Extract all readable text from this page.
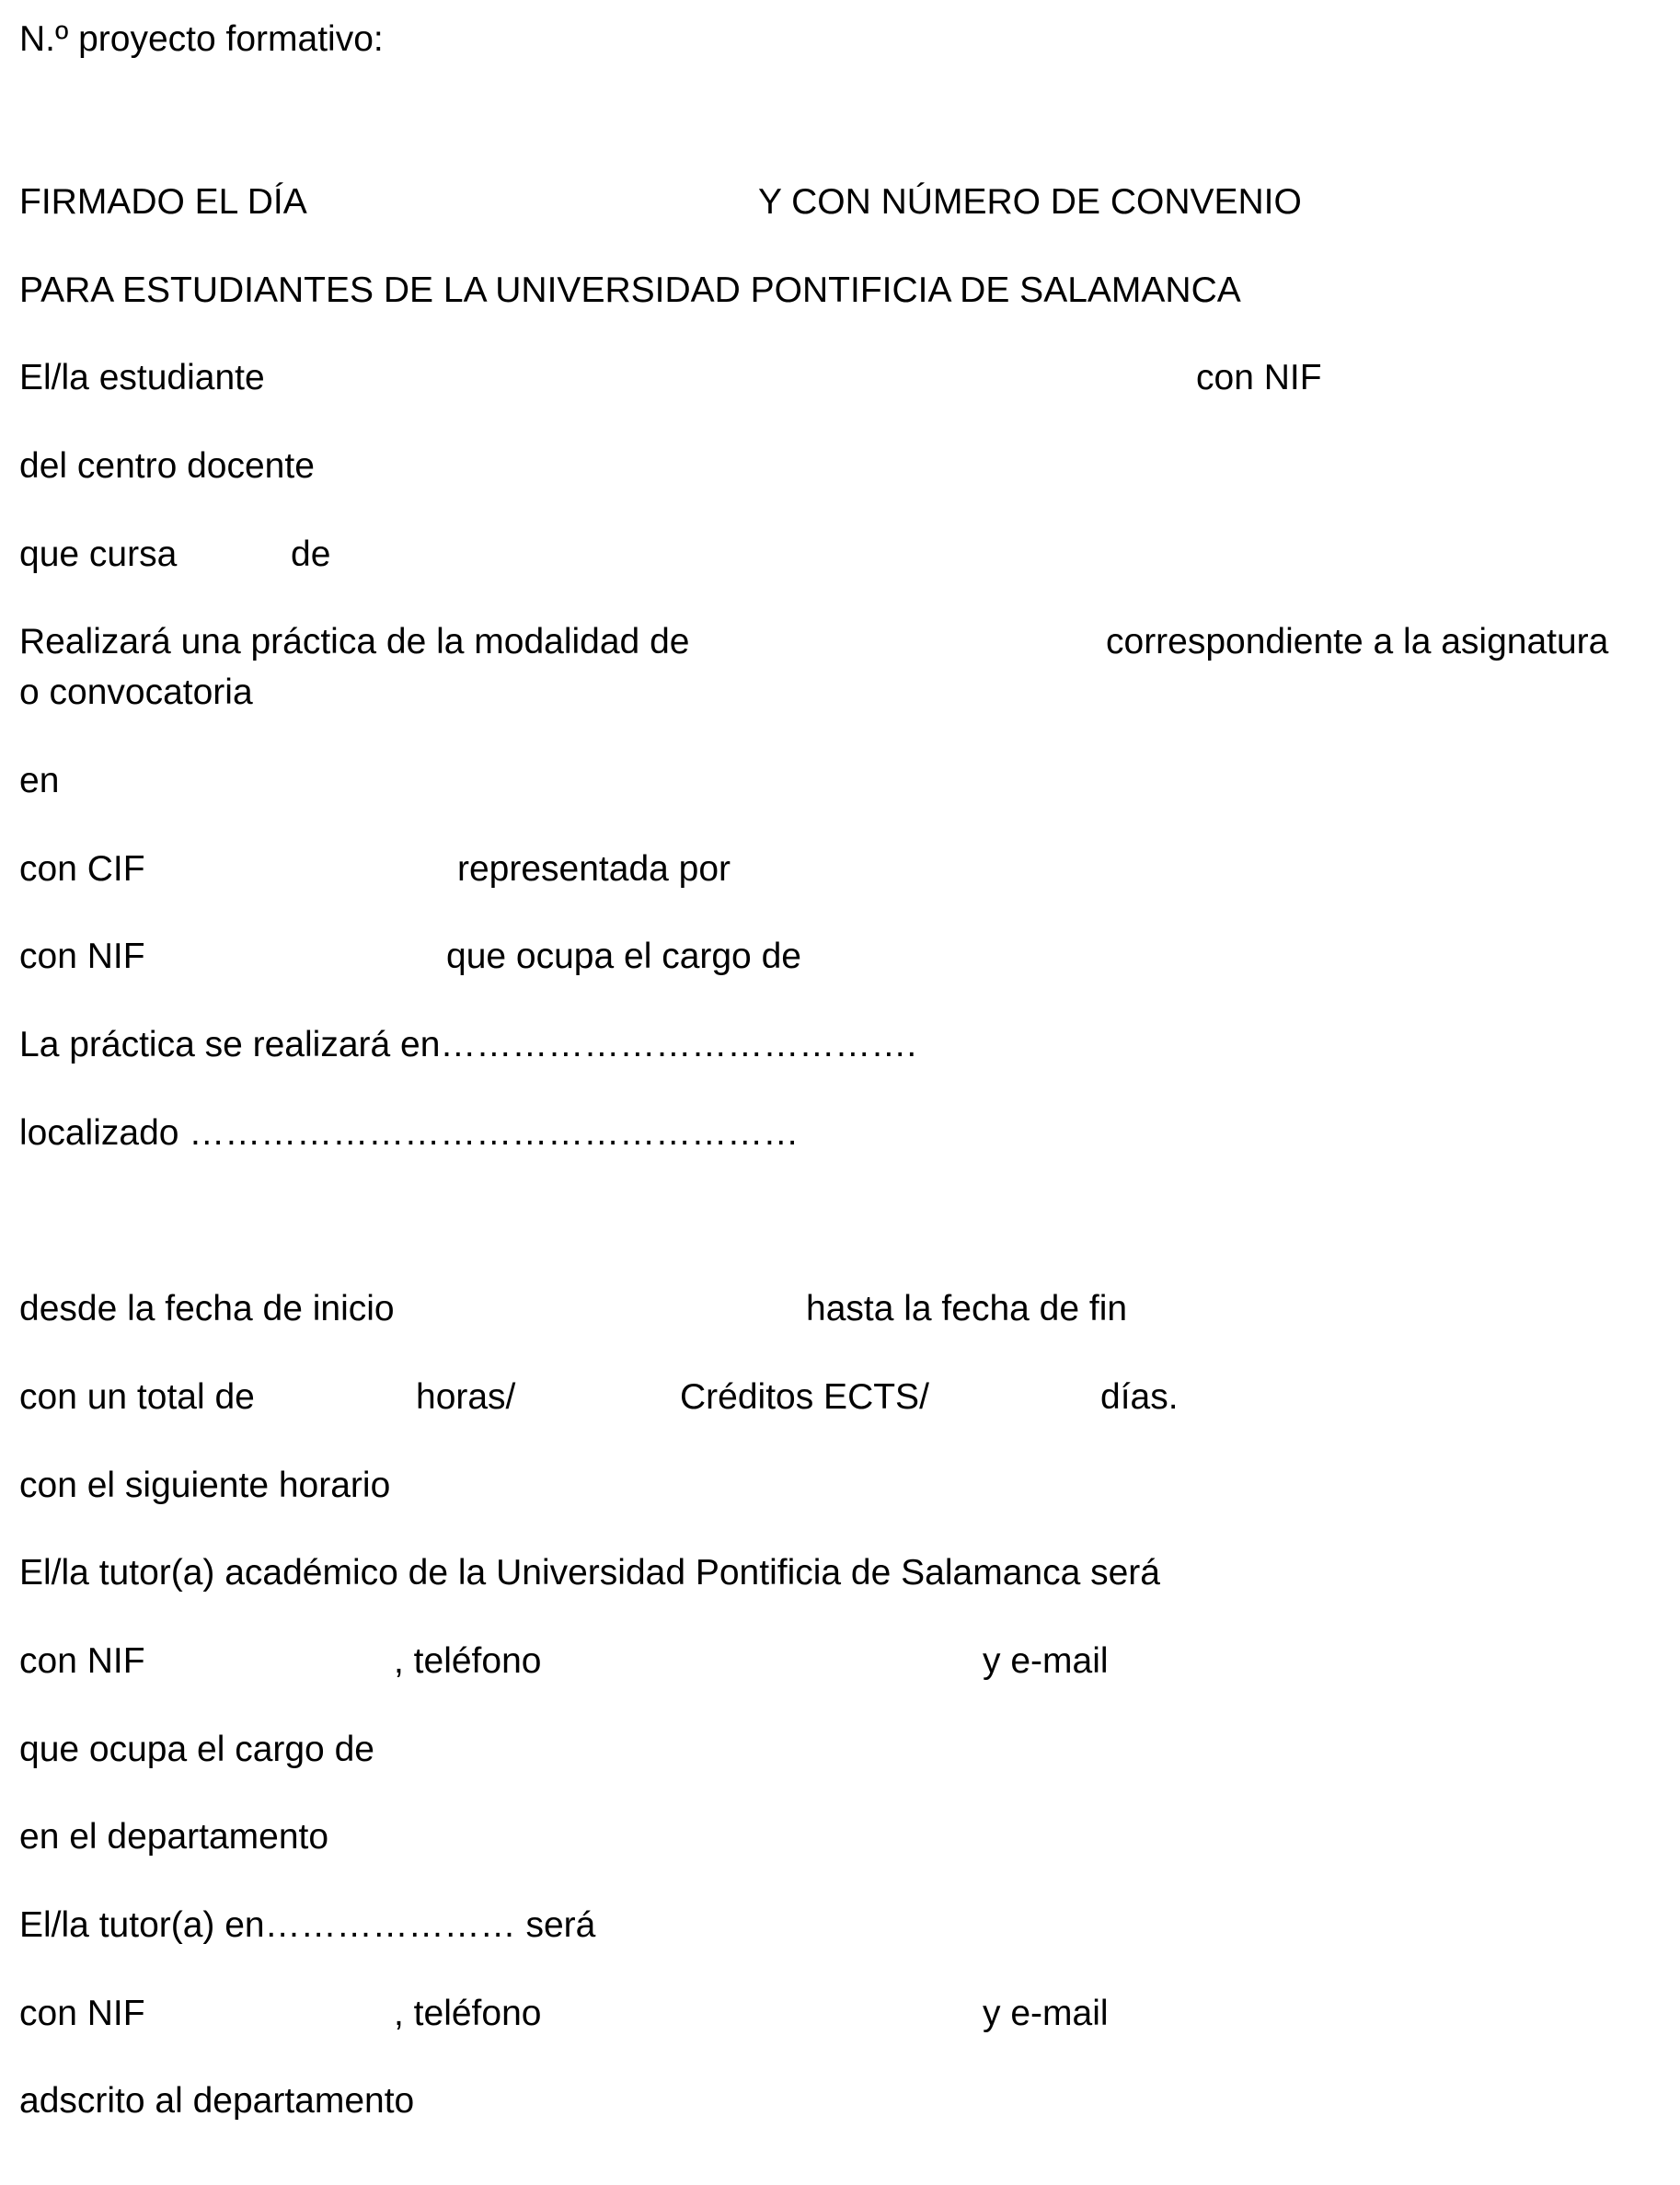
N.º proyecto formativo:
FIRMADO EL DÍA	Y CON NÚMERO DE CONVENIO
PARA ESTUDIANTES DE LA UNIVERSIDAD PONTIFICIA DE SALAMANCA
El/la estudiante	con NIF
del centro docente
que cursa	de
Realizará una práctica de la modalidad de	correspondiente a la asignatura
o convocatoria
en
con CIF	representada por
con NIF	que ocupa el cargo de
La práctica se realizará en………………………………….
localizado ……………………………………………
desde la fecha de inicio	hasta la fecha de fin
con un total de	horas/	Créditos ECTS/	días.
con el siguiente horario
El/la tutor(a) académico de la Universidad Pontificia de Salamanca será
con NIF	, teléfono	y e-mail
que ocupa el cargo de
en el departamento
El/la tutor(a) en………………… será
con NIF	, teléfono	y e-mail
adscrito al departamento
